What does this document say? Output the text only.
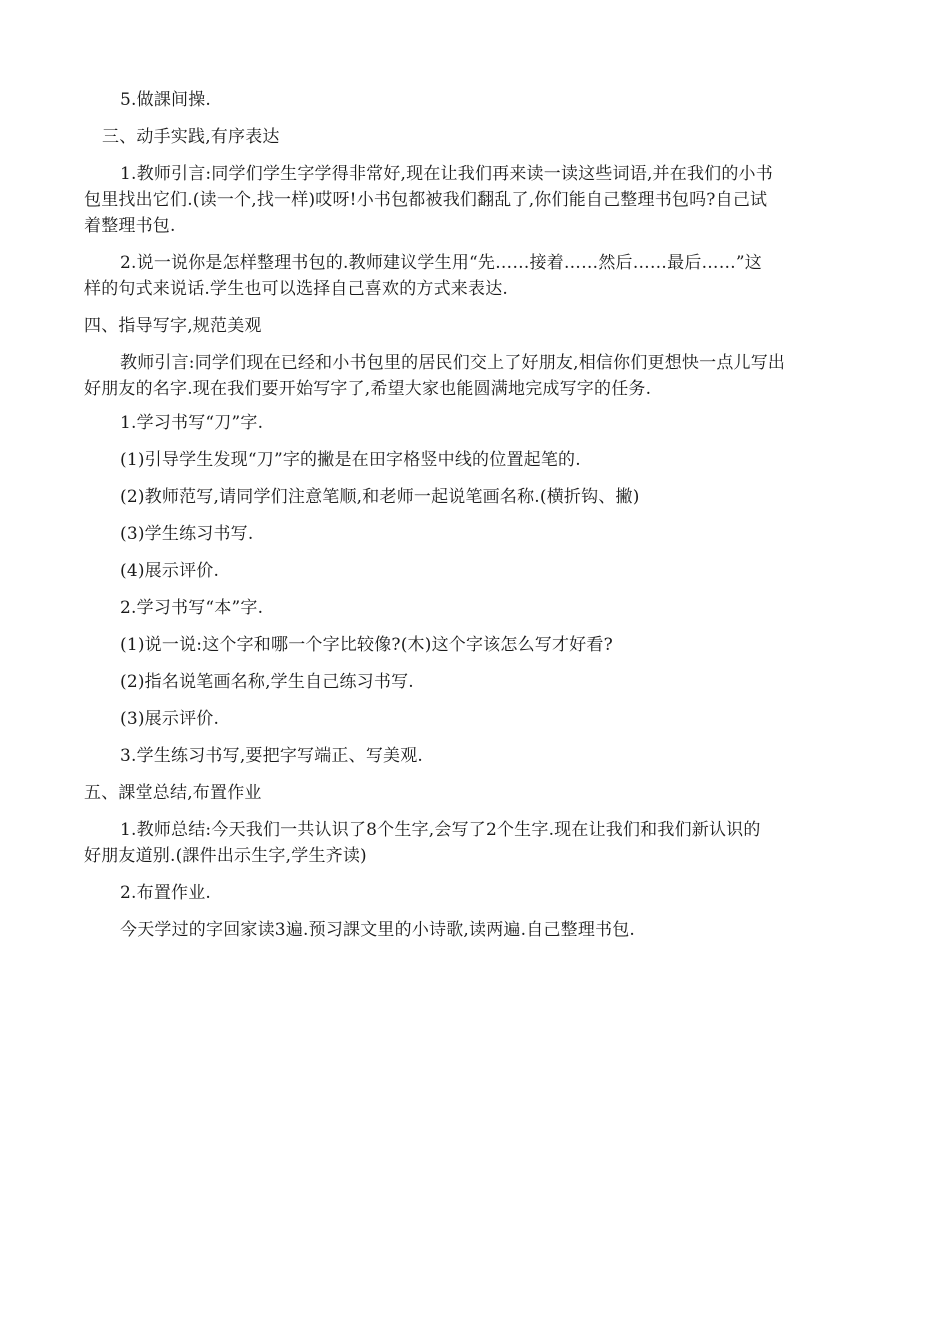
5.做課间操.
三、动手实践,有序表达
1.教师引言:同学们学生字学得非常好,现在让我们再来读一读这些词语,并在我们的小书
包里找出它们.(读一个,找一样)哎呀!小书包都被我们翻乱了,你们能自己整理书包吗?自己试
着整理书包.
2.说一说你是怎样整理书包的.教师建议学生用“先……接着……然后……最后……”这
样的句式来说话.学生也可以选择自己喜欢的方式来表达.
四、指导写字,规范美观
教师引言:同学们现在已经和小书包里的居民们交上了好朋友,相信你们更想快一点儿写出
好朋友的名字.现在我们要开始写字了,希望大家也能圆满地完成写字的任务.
1.学习书写“刀”字.
(1)引导学生发现“刀”字的撇是在田字格竖中线的位置起笔的.
(2)教师范写,请同学们注意笔顺,和老师一起说笔画名称.(横折钩、撇)
(3)学生练习书写.
(4)展示评价.
2.学习书写“本”字.
(1)说一说:这个字和哪一个字比较像?(木)这个字该怎么写才好看?
(2)指名说笔画名称,学生自己练习书写.
(3)展示评价.
3.学生练习书写,要把字写端正、写美观.
五、課堂总结,布置作业
1.教师总结:今天我们一共认识了8个生字,会写了2个生字.现在让我们和我们新认识的
好朋友道别.(課件出示生字,学生齐读)
2.布置作业.
今天学过的字回家读3遍.预习課文里的小诗歌,读两遍.自己整理书包.
